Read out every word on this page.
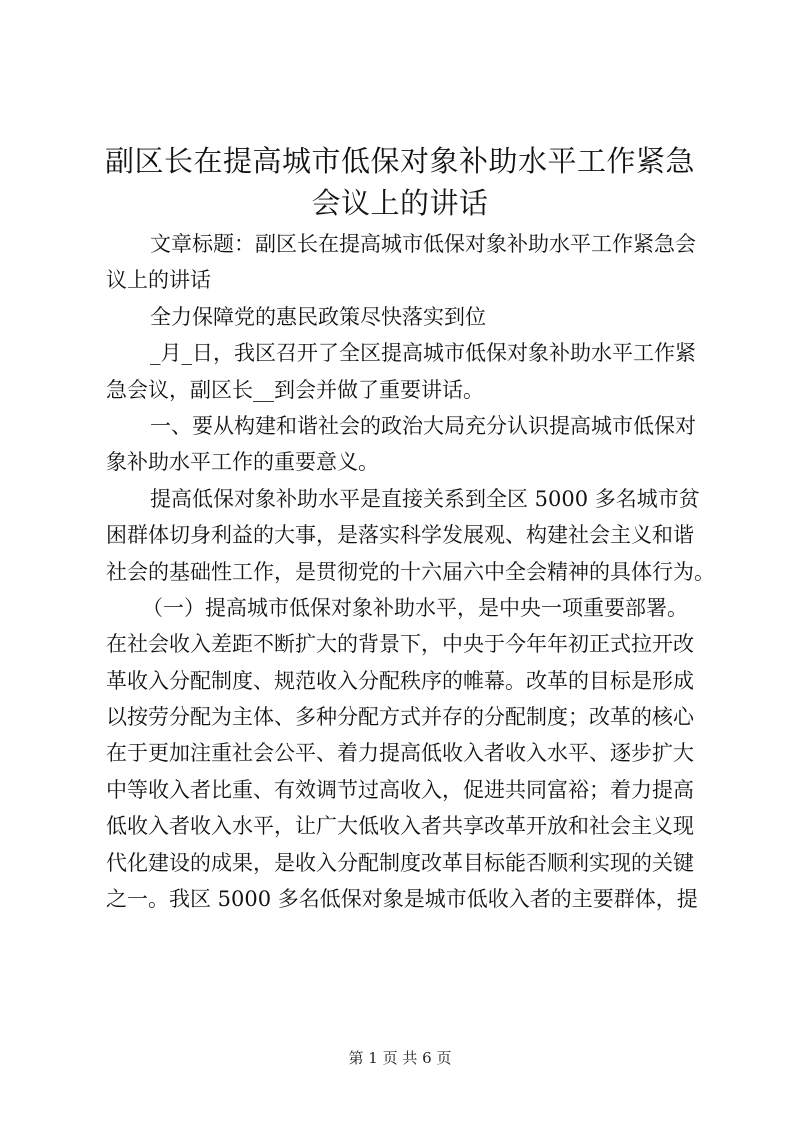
副区长在提高城市低保对象补助水平工作紧急
会议上的讲话
文章标题：副区长在提高城市低保对象补助水平工作紧急会
议上的讲话
全力保障党的惠民政策尽快落实到位
_月_日，我区召开了全区提高城市低保对象补助水平工作紧
急会议，副区长__到会并做了重要讲话。
一、要从构建和谐社会的政治大局充分认识提高城市低保对
象补助水平工作的重要意义。
提高低保对象补助水平是直接关系到全区 5000 多名城市贫
困群体切身利益的大事，是落实科学发展观、构建社会主义和谐
社会的基础性工作，是贯彻党的十六届六中全会精神的具体行为。
（一）提高城市低保对象补助水平，是中央一项重要部署。
在社会收入差距不断扩大的背景下，中央于今年年初正式拉开改
革收入分配制度、规范收入分配秩序的帷幕。改革的目标是形成
以按劳分配为主体、多种分配方式并存的分配制度；改革的核心
在于更加注重社会公平、着力提高低收入者收入水平、逐步扩大
中等收入者比重、有效调节过高收入，促进共同富裕；着力提高
低收入者收入水平，让广大低收入者共享改革开放和社会主义现
代化建设的成果，是收入分配制度改革目标能否顺利实现的关键
之一。我区 5000 多名低保对象是城市低收入者的主要群体，提
第 1 页 共 6 页
